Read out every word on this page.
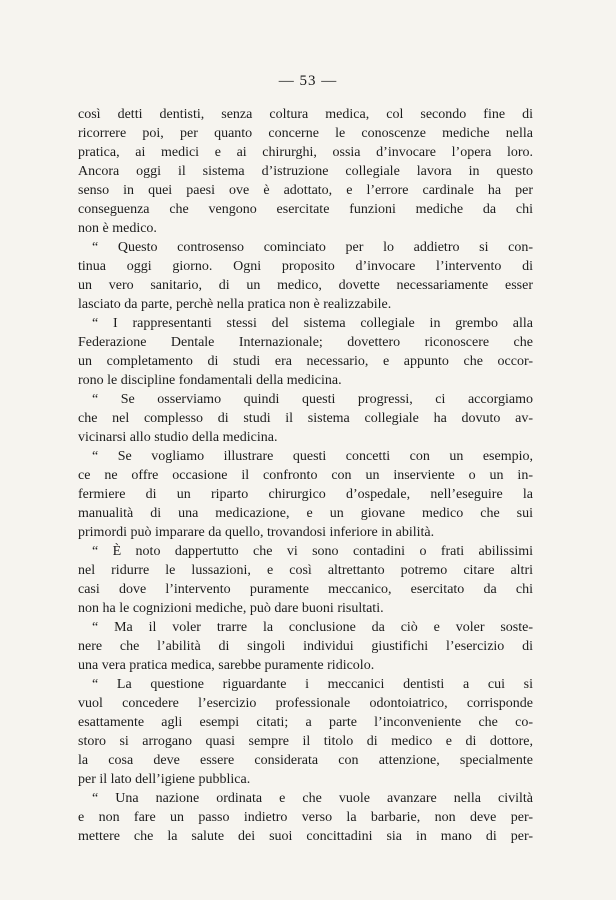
— 53 —
così detti dentisti, senza coltura medica, col secondo fine di
ricorrere poi, per quanto concerne le conoscenze mediche nella
pratica, ai medici e ai chirurghi, ossia d’invocare l’opera loro.
Ancora oggi il sistema d’istruzione collegiale lavora in questo
senso in quei paesi ove è adottato, e l’errore cardinale ha per
conseguenza che vengono esercitate funzioni mediche da chi
non è medico.
“ Questo controsenso cominciato per lo addietro si con-
tinua oggi giorno. Ogni proposito d’invocare l’intervento di
un vero sanitario, di un medico, dovette necessariamente esser
lasciato da parte, perchè nella pratica non è realizzabile.
“ I rappresentanti stessi del sistema collegiale in grembo alla
Federazione Dentale Internazionale; dovettero riconoscere che
un completamento di studi era necessario, e appunto che occor-
rono le discipline fondamentali della medicina.
“ Se osserviamo quindi questi progressi, ci accorgiamo
che nel complesso di studi il sistema collegiale ha dovuto av-
vicinarsi allo studio della medicina.
“ Se vogliamo illustrare questi concetti con un esempio,
ce ne offre occasione il confronto con un inserviente o un in-
fermiere di un riparto chirurgico d’ospedale, nell’eseguire la
manualità di una medicazione, e un giovane medico che sui
primordi può imparare da quello, trovandosi inferiore in abilità.
“ È noto dappertutto che vi sono contadini o frati abilissimi
nel ridurre le lussazioni, e così altrettanto potremo citare altri
casi dove l’intervento puramente meccanico, esercitato da chi
non ha le cognizioni mediche, può dare buoni risultati.
“ Ma il voler trarre la conclusione da ciò e voler soste-
nere che l’abilità di singoli individui giustifichi l’esercizio di
una vera pratica medica, sarebbe puramente ridicolo.
“ La questione riguardante i meccanici dentisti a cui si
vuol concedere l’esercizio professionale odontoiatrico, corrisponde
esattamente agli esempi citati; a parte l’inconveniente che co-
storo si arrogano quasi sempre il titolo di medico e di dottore,
la cosa deve essere considerata con attenzione, specialmente
per il lato dell’igiene pubblica.
“ Una nazione ordinata e che vuole avanzare nella civiltà
e non fare un passo indietro verso la barbarie, non deve per-
mettere che la salute dei suoi concittadini sia in mano di per-
